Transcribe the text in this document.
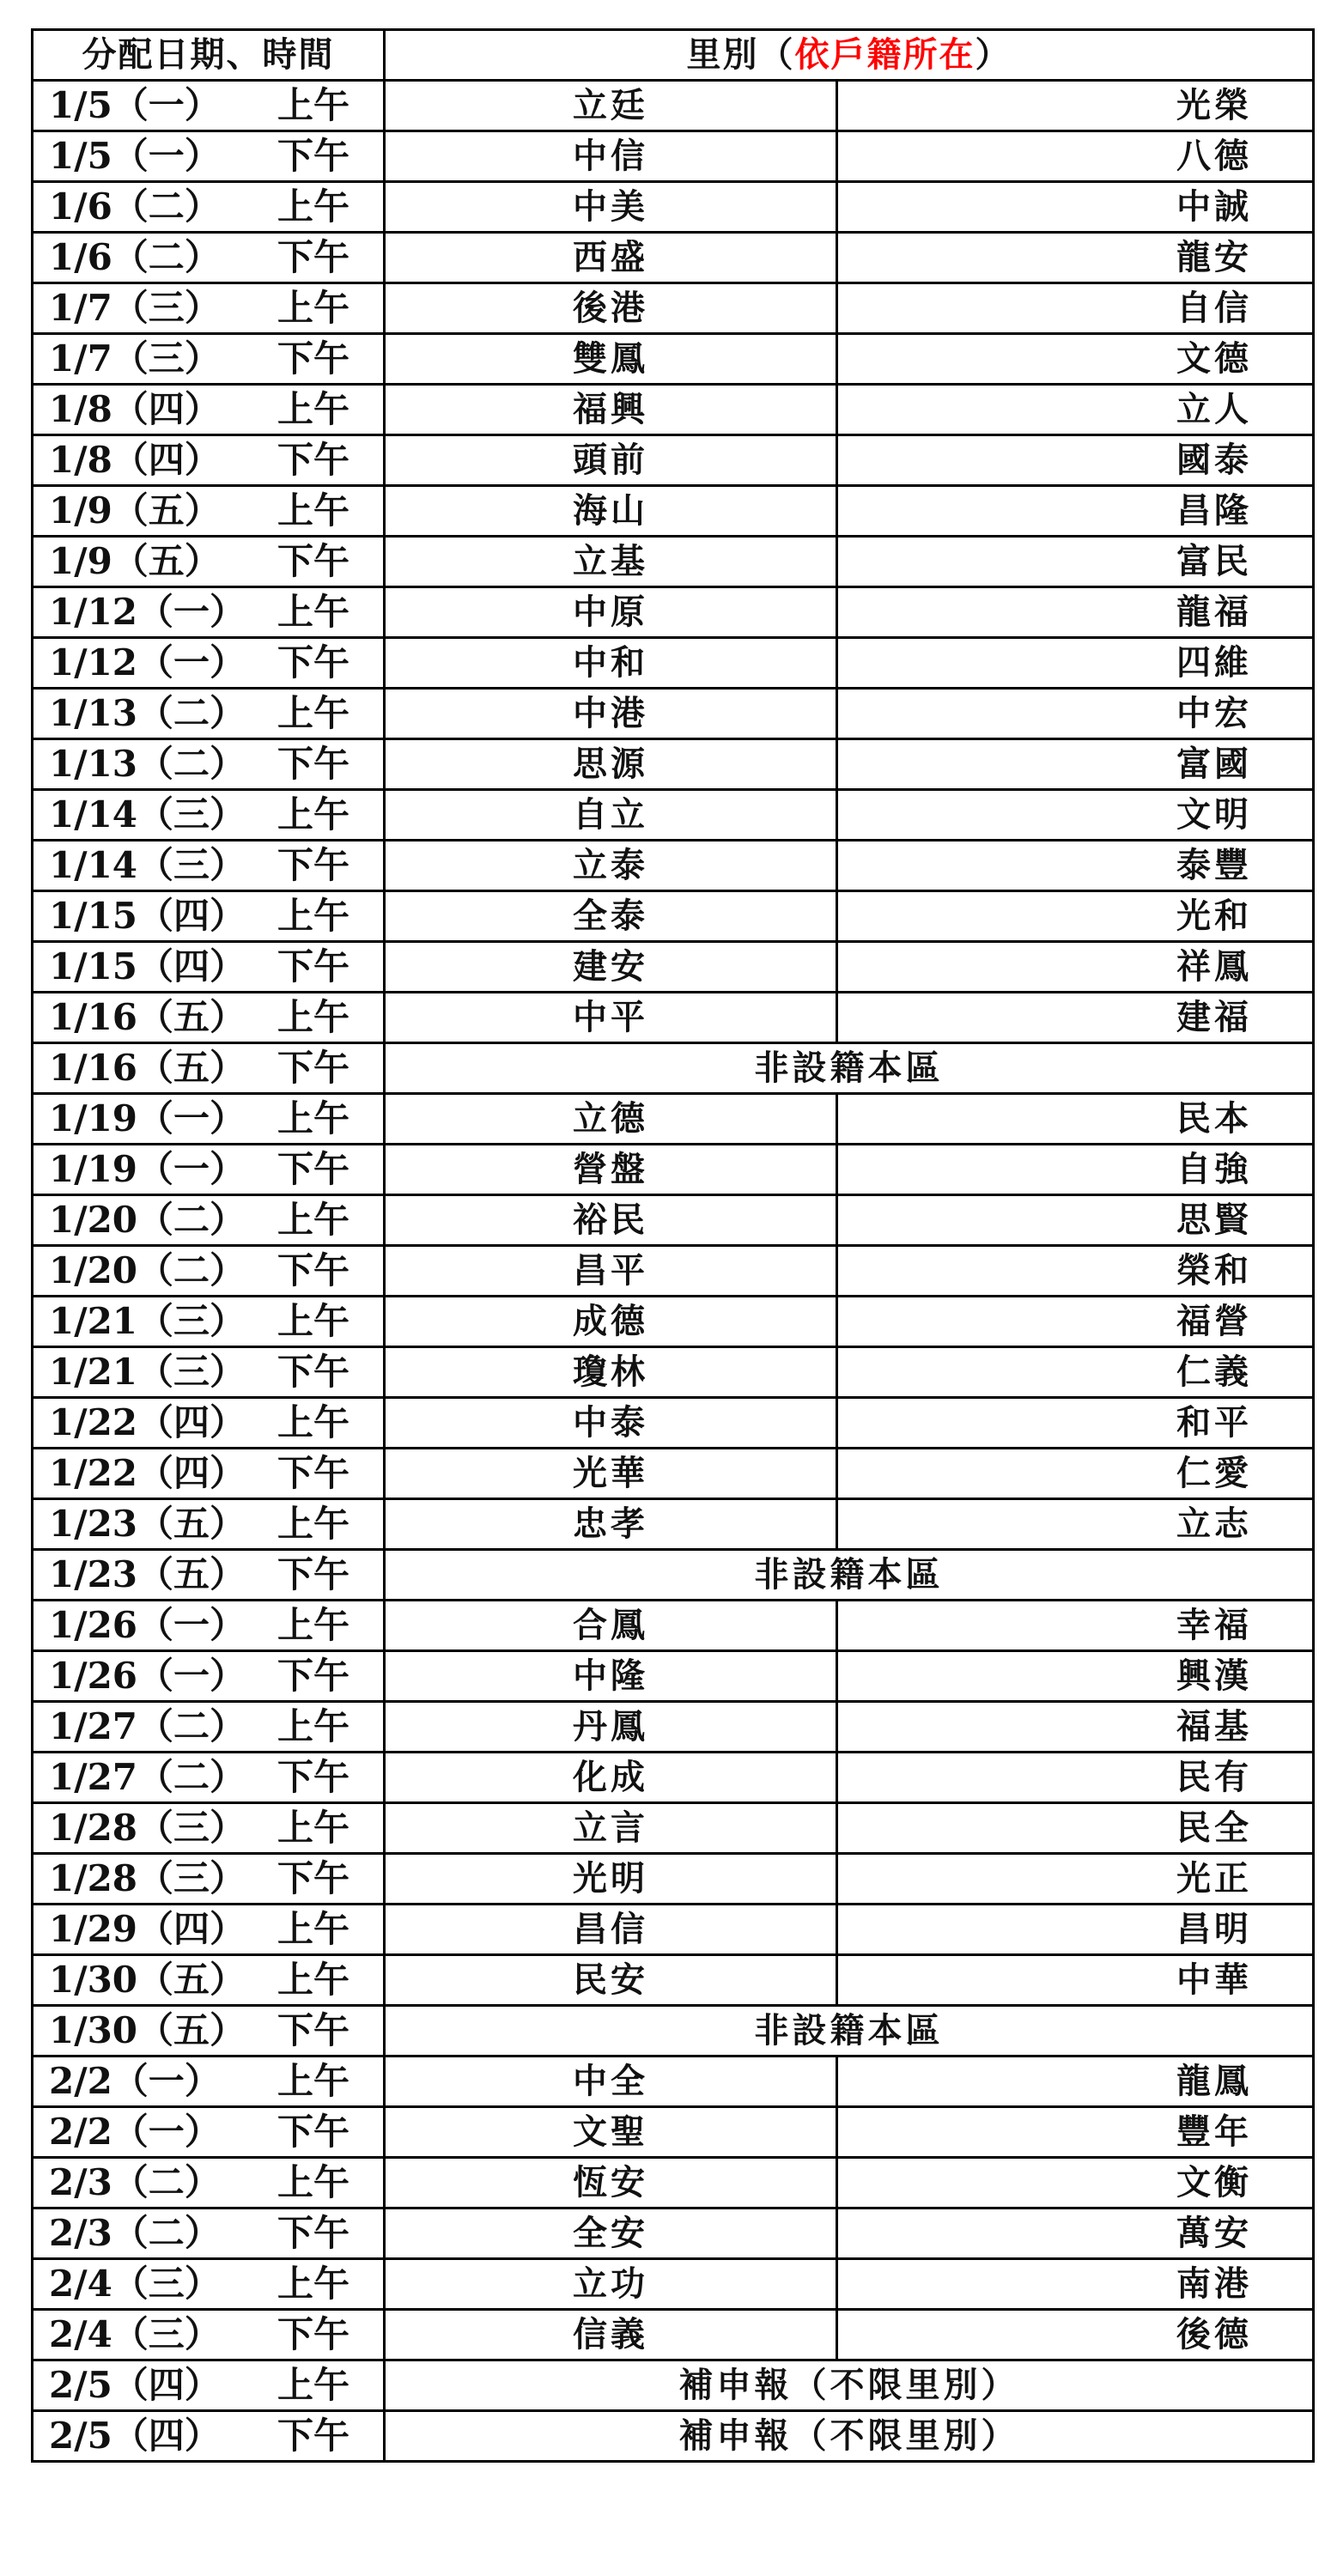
分配日期、時間	里別（依戶籍所在）	

1/5（一） 上午	立廷	光榮

1/5（一） 下午	中信	八德

1/6（二） 上午	中美	中誠

1/6（二） 下午	西盛	龍安

1/7（三） 上午	後港	自信

1/7（三） 下午	雙鳳	文德

1/8（四） 上午	福興	立人

1/8（四） 下午	頭前	國泰

1/9（五） 上午	海山	昌隆

1/9（五） 下午	立基	富民

1/12（一） 上午	中原	龍福

1/12（一） 下午	中和	四維

1/13（二） 上午	中港	中宏

1/13（二） 下午	思源	富國

1/14（三） 上午	自立	文明

1/14（三） 下午	立泰	泰豐

1/15（四） 上午	全泰	光和

1/15（四） 下午	建安	祥鳳

1/16（五） 上午	中平	建福

1/16（五） 下午	非設籍本區	

1/19（一） 上午	立德	民本

1/19（一） 下午	營盤	自強

1/20（二） 上午	裕民	思賢

1/20（二） 下午	昌平	榮和

1/21（三） 上午	成德	福營

1/21（三） 下午	瓊林	仁義

1/22（四） 上午	中泰	和平

1/22（四） 下午	光華	仁愛

1/23（五） 上午	忠孝	立志

1/23（五） 下午	非設籍本區	

1/26（一） 上午	合鳳	幸福

1/26（一） 下午	中隆	興漢

1/27（二） 上午	丹鳳	福基

1/27（二） 下午	化成	民有

1/28（三） 上午	立言	民全

1/28（三） 下午	光明	光正

1/29（四） 上午	昌信	昌明

1/30（五） 上午	民安	中華

1/30（五） 下午	非設籍本區	

2/2（一） 上午	中全	龍鳳

2/2（一） 下午	文聖	豐年

2/3（二） 上午	恆安	文衡

2/3（二） 下午	全安	萬安

2/4（三） 上午	立功	南港

2/4（三） 下午	信義	後德

2/5（四） 上午	補申報（不限里別）	

2/5（四） 下午	補申報（不限里別）	
